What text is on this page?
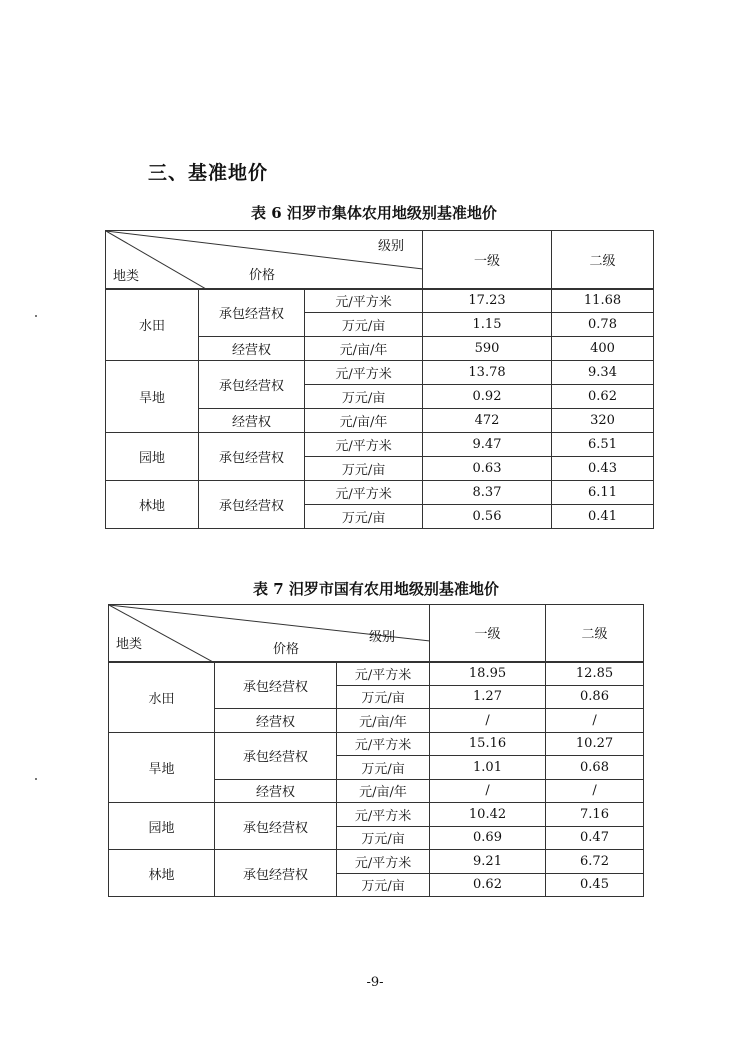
三、基准地价

表 6 汨罗市集体农用地级别基准地价

级别
价格
地类			一级	二级
水田	承包经营权	元/平方米	17.23	11.68
		万元/亩	1.15	0.78
	经营权	元/亩/年	590	400
旱地	承包经营权	元/平方米	13.78	9.34
		万元/亩	0.92	0.62
	经营权	元/亩/年	472	320
园地	承包经营权	元/平方米	9.47	6.51
		万元/亩	0.63	0.43
林地	承包经营权	元/平方米	8.37	6.11
		万元/亩	0.56	0.41

表 7 汨罗市国有农用地级别基准地价

级别
价格
地类			一级	二级
水田	承包经营权	元/平方米	18.95	12.85
		万元/亩	1.27	0.86
	经营权	元/亩/年	/	/
旱地	承包经营权	元/平方米	15.16	10.27
		万元/亩	1.01	0.68
	经营权	元/亩/年	/	/
园地	承包经营权	元/平方米	10.42	7.16
		万元/亩	0.69	0.47
林地	承包经营权	元/平方米	9.21	6.72
		万元/亩	0.62	0.45

-9-
